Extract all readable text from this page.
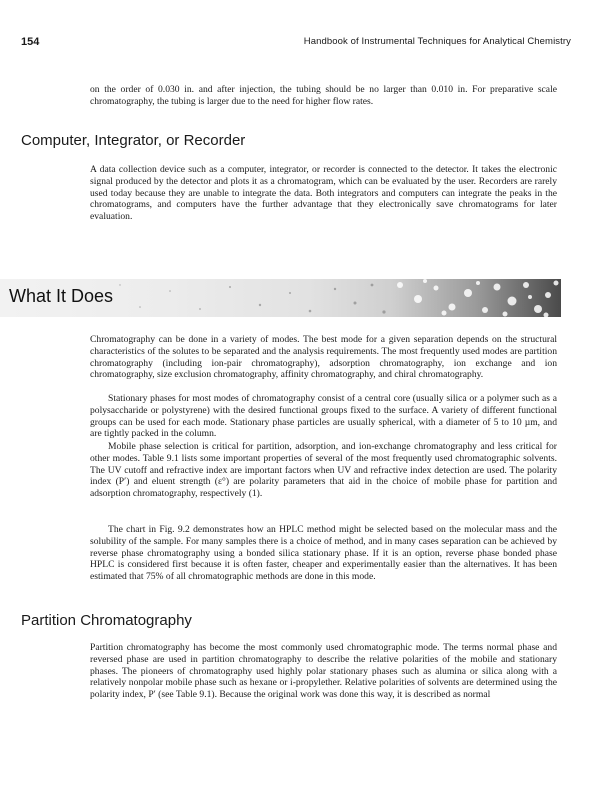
154	Handbook of Instrumental Techniques for Analytical Chemistry

on the order of 0.030 in. and after injection, the tubing should be no larger than 0.010 in. For preparative scale chromatography, the tubing is larger due to the need for higher flow rates.

Computer, Integrator, or Recorder

A data collection device such as a computer, integrator, or recorder is connected to the detector. It takes the electronic signal produced by the detector and plots it as a chromatogram, which can be evaluated by the user. Recorders are rarely used today because they are unable to integrate the data. Both integrators and computers can integrate the peaks in the chromatograms, and computers have the further advantage that they electronically save chromatograms for later evaluation.

What It Does

Chromatography can be done in a variety of modes. The best mode for a given separation depends on the structural characteristics of the solutes to be separated and the analysis requirements. The most frequently used modes are partition chromatography (including ion-pair chromatography), adsorption chromatography, ion exchange and ion chromatography, size exclusion chromatography, affinity chromatography, and chiral chromatography.

Stationary phases for most modes of chromatography consist of a central core (usually silica or a polymer such as a polysaccharide or polystyrene) with the desired functional groups fixed to the surface. A variety of different functional groups can be used for each mode. Stationary phase particles are usually spherical, with a diameter of 5 to 10 µm, and are tightly packed in the column.

Mobile phase selection is critical for partition, adsorption, and ion-exchange chromatography and less critical for other modes. Table 9.1 lists some important properties of several of the most frequently used chromatographic solvents. The UV cutoff and refractive index are important factors when UV and refractive index detection are used. The polarity index (P′) and eluent strength (ε°) are polarity parameters that aid in the choice of mobile phase for partition and adsorption chromatography, respectively (1).

The chart in Fig. 9.2 demonstrates how an HPLC method might be selected based on the molecular mass and the solubility of the sample. For many samples there is a choice of method, and in many cases separation can be achieved by reverse phase chromatography using a bonded silica stationary phase. If it is an option, reverse phase bonded phase HPLC is considered first because it is often faster, cheaper and experimentally easier than the alternatives. It has been estimated that 75% of all chromatographic methods are done in this mode.

Partition Chromatography

Partition chromatography has become the most commonly used chromatographic mode. The terms normal phase and reversed phase are used in partition chromatography to describe the relative polarities of the mobile and stationary phases. The pioneers of chromatography used highly polar stationary phases such as alumina or silica along with a relatively nonpolar mobile phase such as hexane or i-propylether. Relative polarities of solvents are determined using the polarity index, P′ (see Table 9.1). Because the original work was done this way, it is described as normal
